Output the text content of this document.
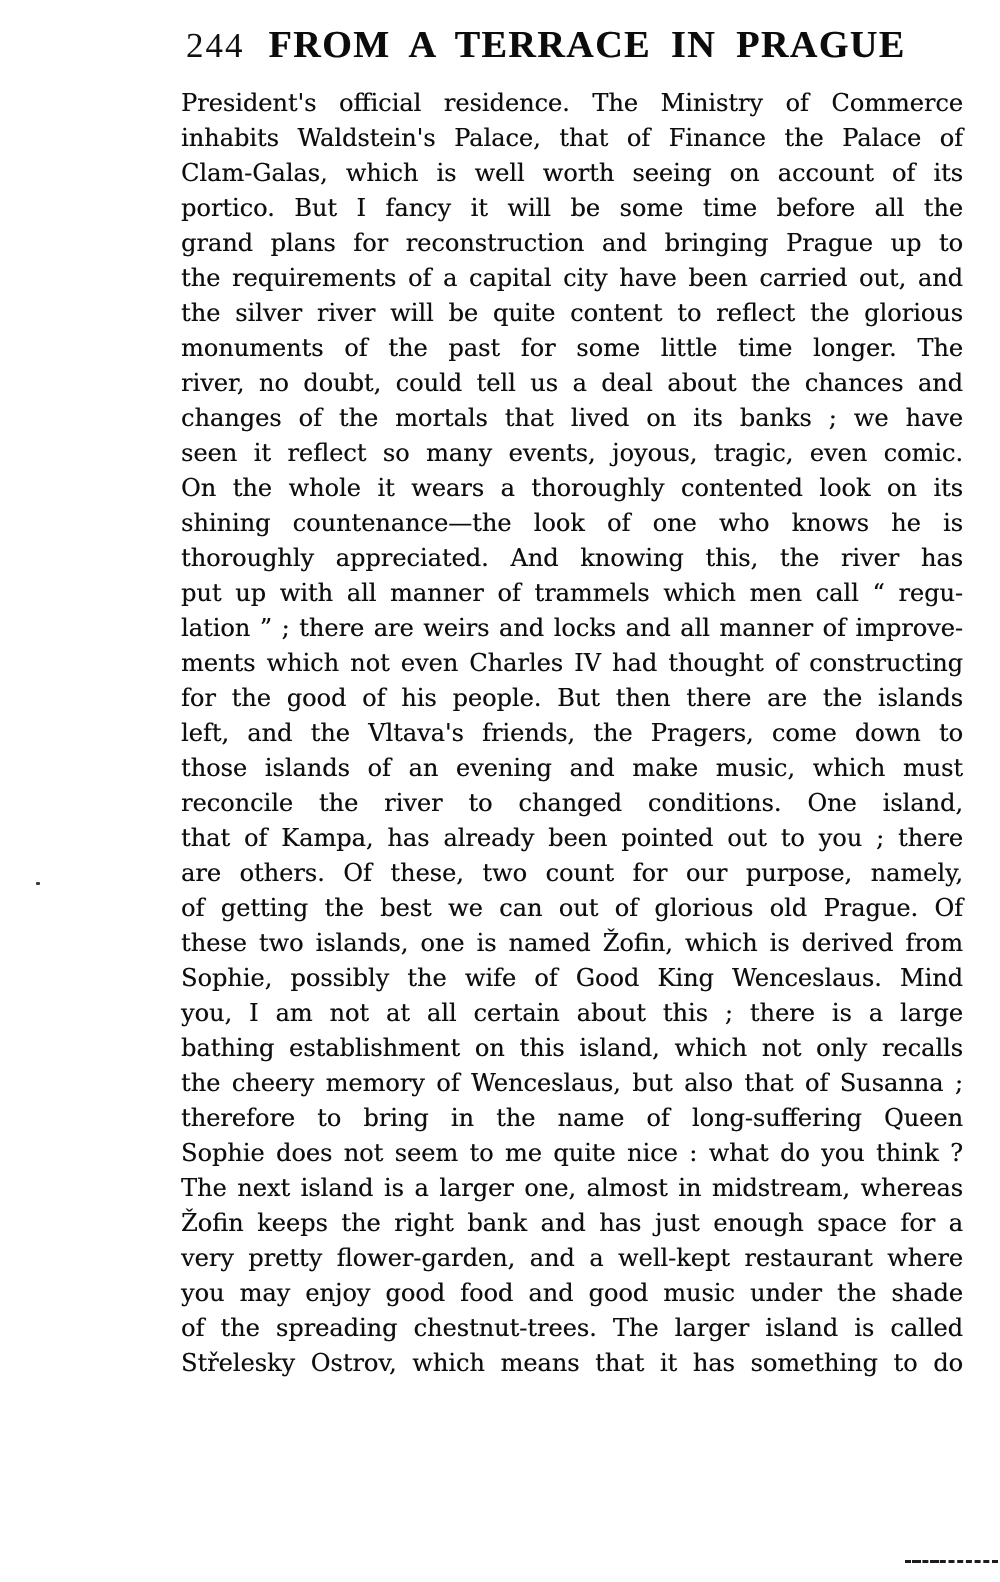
244 FROM A TERRACE IN PRAGUE
President's official residence. The Ministry of Commerce
inhabits Waldstein's Palace, that of Finance the Palace of
Clam-Galas, which is well worth seeing on account of its
portico. But I fancy it will be some time before all the
grand plans for reconstruction and bringing Prague up to
the requirements of a capital city have been carried out, and
the silver river will be quite content to reflect the glorious
monuments of the past for some little time longer. The
river, no doubt, could tell us a deal about the chances and
changes of the mortals that lived on its banks ; we have
seen it reflect so many events, joyous, tragic, even comic.
On the whole it wears a thoroughly contented look on its
shining countenance—the look of one who knows he is
thoroughly appreciated. And knowing this, the river has
put up with all manner of trammels which men call “ regu-
lation ” ; there are weirs and locks and all manner of improve-
ments which not even Charles IV had thought of constructing
for the good of his people. But then there are the islands
left, and the Vltava's friends, the Pragers, come down to
those islands of an evening and make music, which must
reconcile the river to changed conditions. One island,
that of Kampa, has already been pointed out to you ; there
are others. Of these, two count for our purpose, namely,
of getting the best we can out of glorious old Prague. Of
these two islands, one is named Žofin, which is derived from
Sophie, possibly the wife of Good King Wenceslaus. Mind
you, I am not at all certain about this ; there is a large
bathing establishment on this island, which not only recalls
the cheery memory of Wenceslaus, but also that of Susanna ;
therefore to bring in the name of long-suffering Queen
Sophie does not seem to me quite nice : what do you think ?
The next island is a larger one, almost in midstream, whereas
Žofin keeps the right bank and has just enough space for a
very pretty flower-garden, and a well-kept restaurant where
you may enjoy good food and good music under the shade
of the spreading chestnut-trees. The larger island is called
Střelesky Ostrov, which means that it has something to do
